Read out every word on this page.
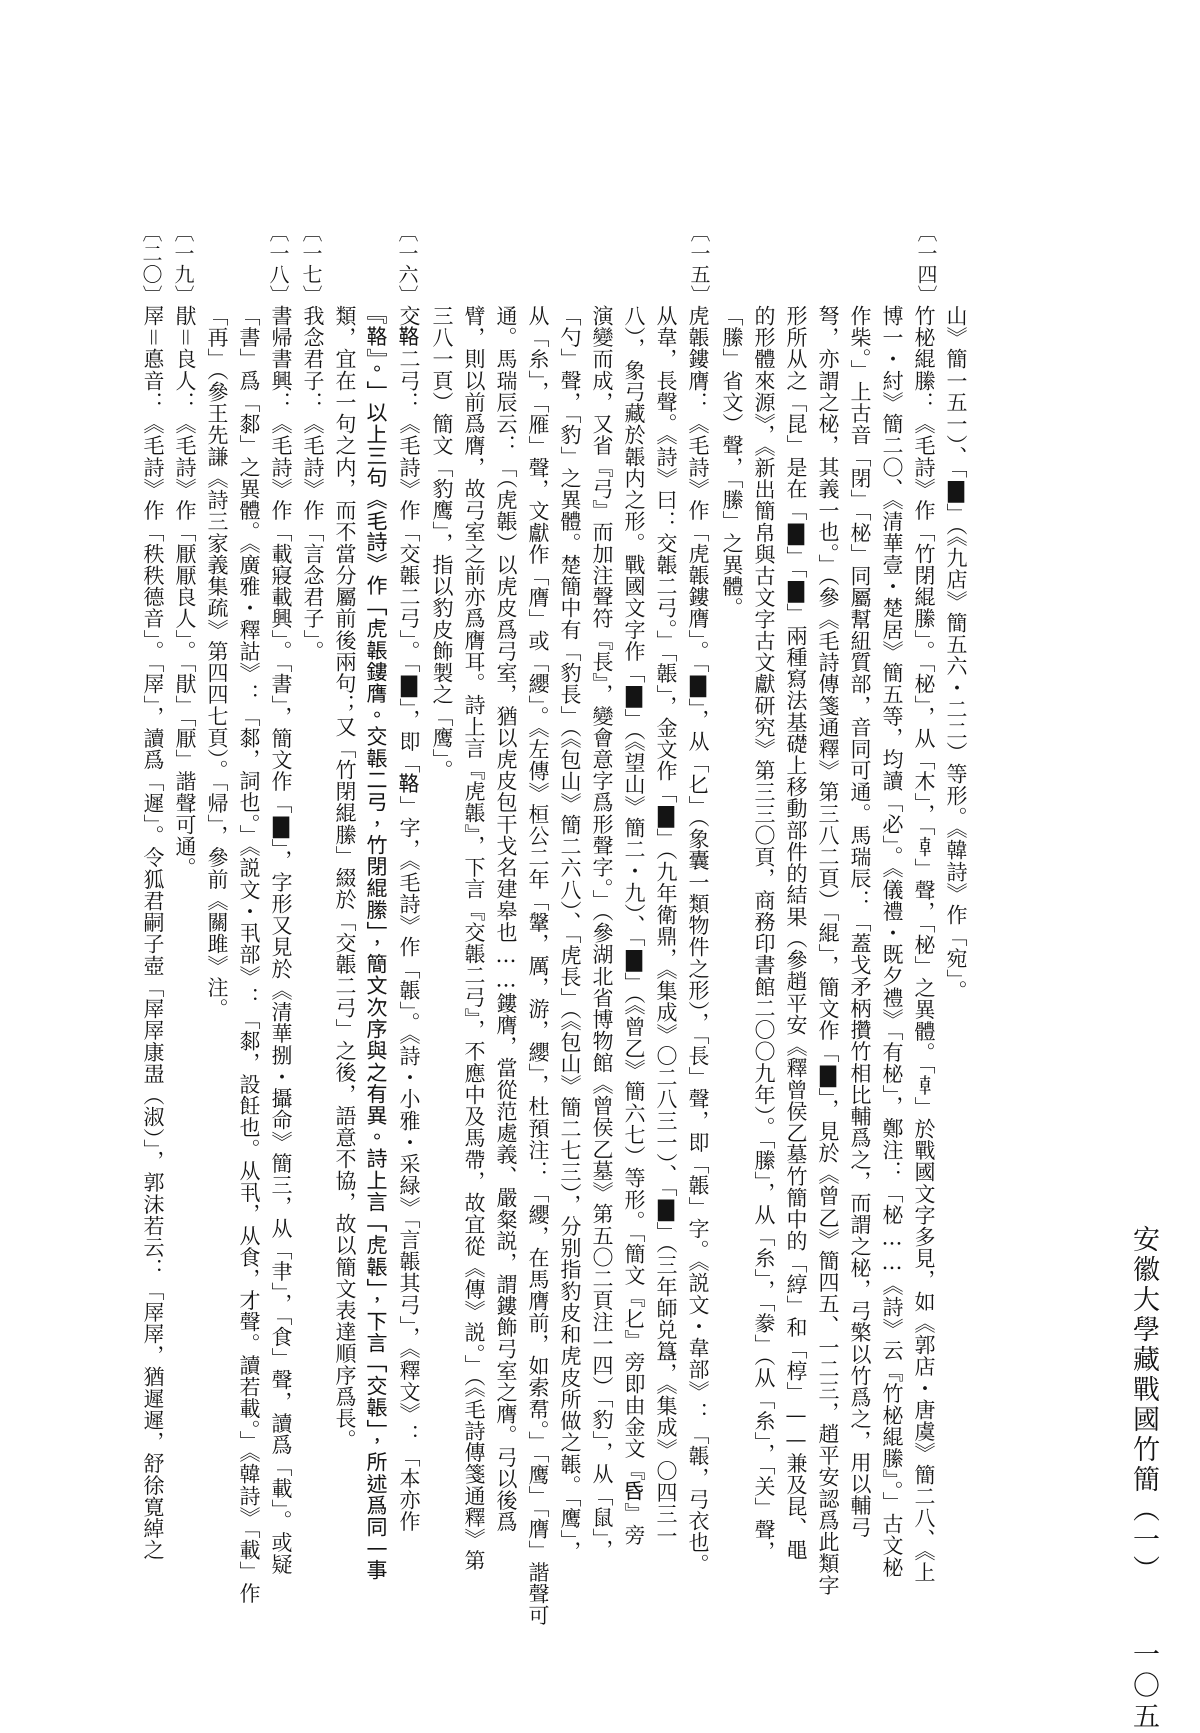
安徽大學藏戰國竹簡（一）
一〇五
〔一四〕
〔一五〕
〔一六〕
〔一七〕
〔一八〕
〔一九〕
〔二〇〕
山》簡一五一）、「▇」（《九店》簡五六・二二）等形。《韓詩》作「宛」。
竹柲緄縢：《毛詩》作「竹閉緄縢」。「柲」，从「木」，「𠦝」聲，「柲」之異體。「𠦝」於戰國文字多見，如《郭店・唐虞》簡二八、《上
博一・紂》簡二〇、《清華壹・楚居》簡五等，均讀「必」。《儀禮・既夕禮》「有柲」，鄭注：「柲……《詩》云『竹柲緄縢』。」古文柲
作柴。」上古音「閉」「柲」同屬幫紐質部，音同可通。馬瑞辰：「蓋戈矛柄攢竹相比輔爲之，而謂之柲，弓檠以竹爲之，用以輔弓
弩，亦謂之柲，其義一也。」（參《毛詩傳箋通釋》第三八二頁）「緄」，簡文作「▇」，見於《曾乙》簡四五、一二三，趙平安認爲此類字
形所从之「昆」是在「▇」「▇」兩種寫法基礎上移動部件的結果（參趙平安《釋曾侯乙墓竹簡中的「綧」和「椁」——兼及昆、黽
的形體來源》，《新出簡帛與古文字古文獻研究》第三三〇頁，商務印書館二〇〇九年）。「縢」，从「糸」，「豢」（从「糸」，「关」聲，
「縢」省文）聲，「縢」之異體。
虎韔鏤膺：《毛詩》作「虎韔鏤膺」。「▇」，从「𠤎」（象囊一類物件之形），「長」聲，即「韔」字。《説文・韋部》：「韔，弓衣也。
从韋，長聲。《詩》曰：交韔二弓。」「韔」，金文作「▇」（九年衛鼎，《集成》〇二八三一）、「▇」（三年師兑簋，《集成》〇四三一
八），象弓藏於韔内之形。戰國文字作「▇」（《望山》簡二・九）、「▇」（《曾乙》簡六七）等形。「簡文『𠤎』旁即由金文『𠯑』旁
演變而成，又省『弓』而加注聲符『長』，變會意字爲形聲字。」（參湖北省博物館《曾侯乙墓》第五〇二頁注一四）「豹」，从「鼠」，
「勺」聲，「豹」之異體。楚簡中有「豹長」（《包山》簡二六八）、「虎長」（《包山》簡二七三），分别指豹皮和虎皮所做之韔。「鹰」，
从「糸」，「雁」聲，文獻作「膺」或「纓」。《左傳》桓公二年「鞶，厲，游，纓」，杜預注：「纓，在馬膺前，如索帬。」「鹰」「膺」諧聲可
通。馬瑞辰云：「（虎韔）以虎皮爲弓室，猶以虎皮包干戈名建皋也……鏤膺，當從范處義、嚴粲説，謂鏤飾弓室之膺。弓以後爲
臂，則以前爲膺，故弓室之前亦爲膺耳。詩上言『虎韔』，下言『交韔二弓』，不應中及馬帶，故宜從《傳》説。」（《毛詩傳箋通釋》第
三八一頁）簡文「豹鹰」，指以豹皮飾製之「鹰」。
交𩊚二弓：《毛詩》作「交韔二弓」。「▇」，即「𩊚」字，《毛詩》作「韔」。《詩・小雅・采緑》「言韔其弓」，《釋文》：「本亦作
『𩊚』。」以上三句《毛詩》作「虎韔鏤膺。交韔二弓，竹閉緄縢」，簡文次序與之有異。詩上言「虎韔」，下言「交韔」，所述爲同一事
類，宜在一句之内，而不當分屬前後兩句；又「竹閉緄縢」綴於「交韔二弓」之後，語意不協，故以簡文表達順序爲長。
我念君子：《毛詩》作「言念君子」。
書帰書興：《毛詩》作「載寢載興」。「書」，簡文作「▇」，字形又見於《清華捌・攝命》簡三，从「𦘒」，「食」聲，讀爲「載」。或疑
「書」爲「䣛」之異體。《廣雅・釋詁》：「䣛，詞也。」《説文・丮部》：「䣛，設飪也。从丮，从食，才聲。讀若載。」《韓詩》「載」作
「再」（參王先謙《詩三家義集疏》第四四七頁）。「帰」，參前《關雎》注。
猒＝良人：《毛詩》作「厭厭良人」。「猒」「厭」諧聲可通。
屖＝悳音：《毛詩》作「秩秩德音」。「屖」，讀爲「遲」。令狐君嗣子壺「屖屖康盄（淑）」，郭沫若云：「屖屖，猶遲遲，舒徐寛綽之
